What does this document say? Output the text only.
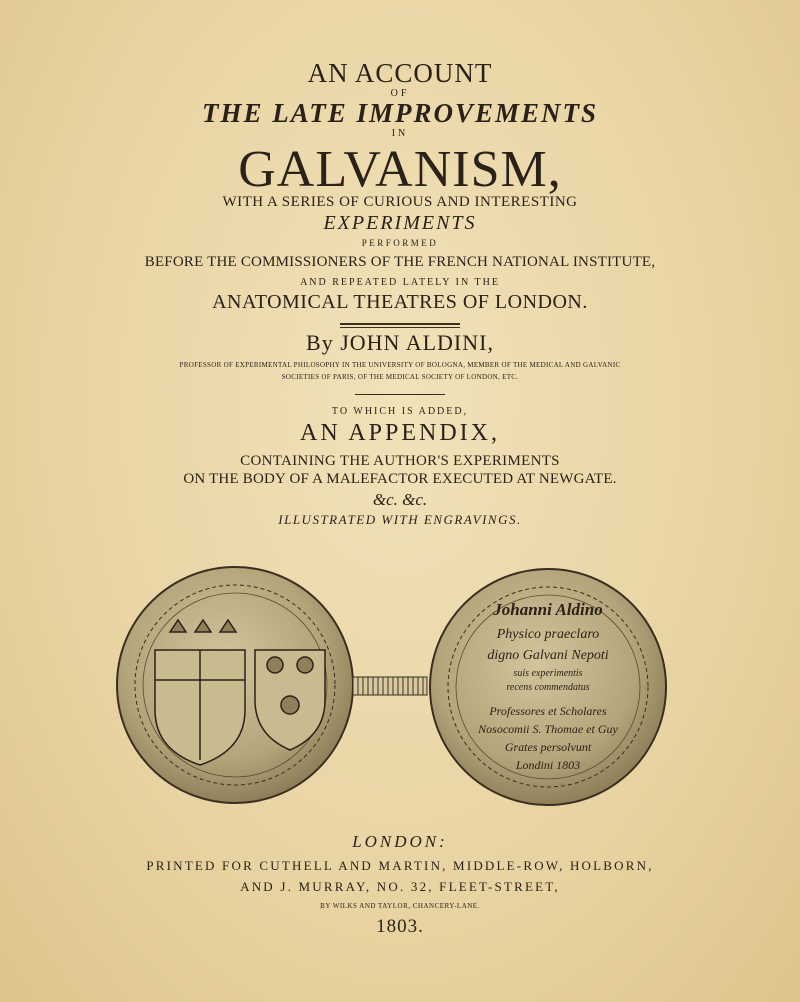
AN ACCOUNT
OF
THE LATE IMPROVEMENTS
IN
GALVANISM,
WITH A SERIES OF CURIOUS AND INTERESTING
EXPERIMENTS
PERFORMED
BEFORE THE COMMISSIONERS OF THE FRENCH NATIONAL INSTITUTE,
AND REPEATED LATELY IN THE
ANATOMICAL THEATRES OF LONDON.
By JOHN ALDINI,
PROFESSOR OF EXPERIMENTAL PHILOSOPHY IN THE UNIVERSITY OF BOLOGNA, MEMBER OF THE MEDICAL AND GALVANIC
SOCIETIES OF PARIS, OF THE MEDICAL SOCIETY OF LONDON, ETC.
TO WHICH IS ADDED,
AN APPENDIX,
CONTAINING THE AUTHOR'S EXPERIMENTS
ON THE BODY OF A MALEFACTOR EXECUTED AT NEWGATE.
&c. &c.
ILLUSTRATED WITH ENGRAVINGS.
Johanni Aldino
Physico praeclaro
digno Galvani Nepoti
suis experimentis
recens commendatus
Professores et Scholares
Nosocomii S. Thomae et Guy
Grates persolvunt
Londini 1803
LONDON:
PRINTED FOR CUTHELL AND MARTIN, MIDDLE-ROW, HOLBORN,
AND J. MURRAY, NO. 32, FLEET-STREET,
BY WILKS AND TAYLOR, CHANCERY-LANE.
1803.
